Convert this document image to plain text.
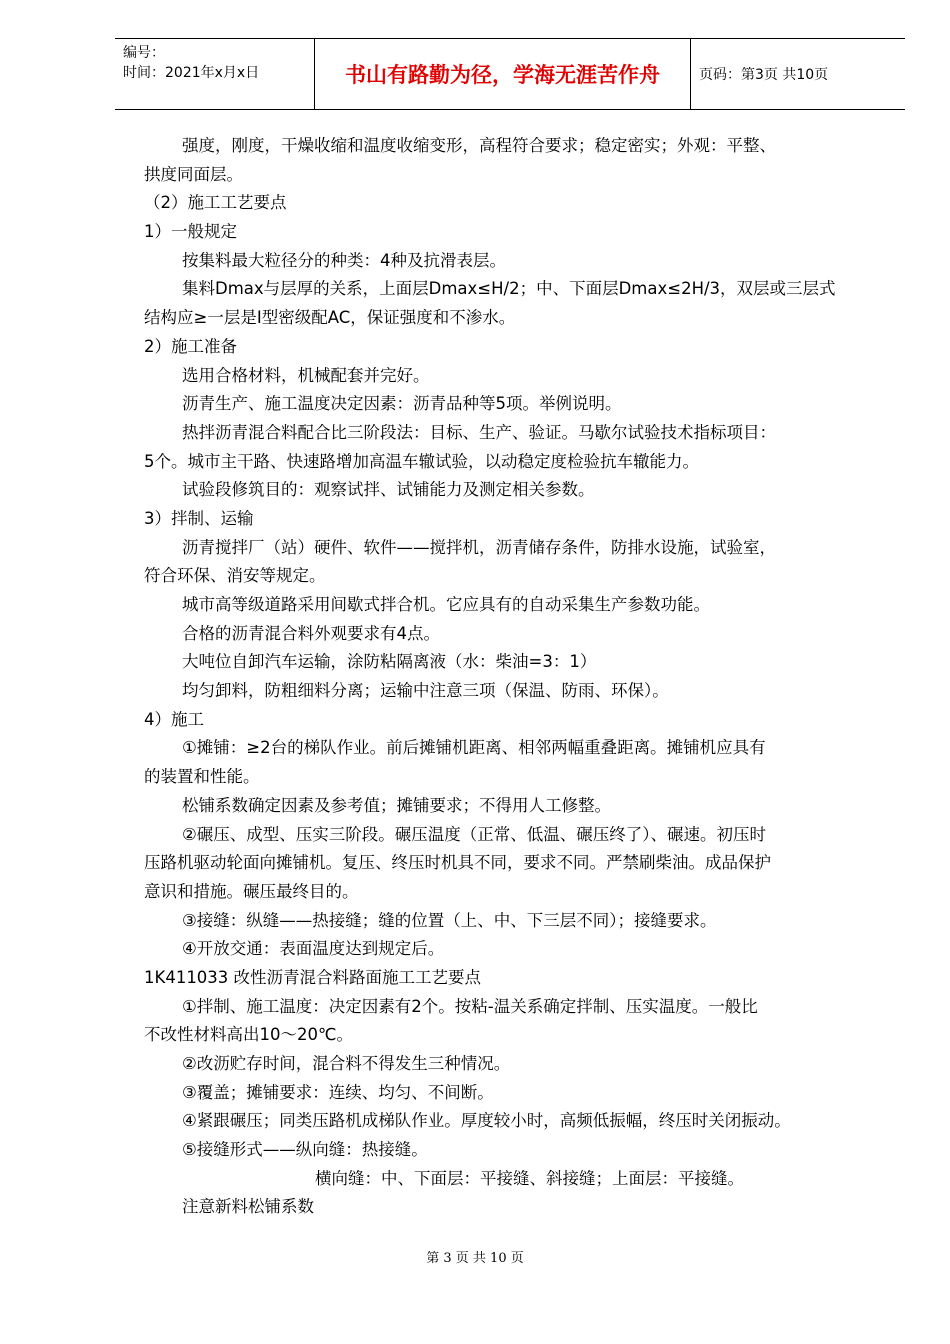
编号：
时间：2021年x月x日	书山有路勤为径，学海无涯苦作舟	页码：第3页 共10页
强度，刚度，干燥收缩和温度收缩变形，高程符合要求；稳定密实；外观：平整、
拱度同面层。
（2）施工工艺要点
1）一般规定
按集料最大粒径分的种类：4种及抗滑表层。
集料Dmax与层厚的关系，上面层Dmax≤H/2；中、下面层Dmax≤2H/3，双层或三层式
结构应≥一层是I型密级配AC，保证强度和不渗水。
2）施工准备
选用合格材料，机械配套并完好。
沥青生产、施工温度决定因素：沥青品种等5项。举例说明。
热拌沥青混合料配合比三阶段法：目标、生产、验证。马歇尔试验技术指标项目：
5个。城市主干路、快速路增加高温车辙试验，以动稳定度检验抗车辙能力。
试验段修筑目的：观察试拌、试铺能力及测定相关参数。
3）拌制、运输
沥青搅拌厂（站）硬件、软件——搅拌机，沥青储存条件，防排水设施，试验室，
符合环保、消安等规定。
城市高等级道路采用间歇式拌合机。它应具有的自动采集生产参数功能。
合格的沥青混合料外观要求有4点。
大吨位自卸汽车运输，涂防粘隔离液（水：柴油=3：1）
均匀卸料，防粗细料分离；运输中注意三项（保温、防雨、环保）。
4）施工
①摊铺：≥2台的梯队作业。前后摊铺机距离、相邻两幅重叠距离。摊铺机应具有
的装置和性能。
松铺系数确定因素及参考值；摊铺要求；不得用人工修整。
②碾压、成型、压实三阶段。碾压温度（正常、低温、碾压终了）、碾速。初压时
压路机驱动轮面向摊铺机。复压、终压时机具不同，要求不同。严禁刷柴油。成品保护
意识和措施。碾压最终目的。
③接缝：纵缝——热接缝；缝的位置（上、中、下三层不同）；接缝要求。
④开放交通：表面温度达到规定后。
1K411033 改性沥青混合料路面施工工艺要点
①拌制、施工温度：决定因素有2个。按粘-温关系确定拌制、压实温度。一般比
不改性材料高出10～20℃。
②改沥贮存时间，混合料不得发生三种情况。
③覆盖；摊铺要求：连续、均匀、不间断。
④紧跟碾压；同类压路机成梯队作业。厚度较小时，高频低振幅，终压时关闭振动。
⑤接缝形式——纵向缝：热接缝。
横向缝：中、下面层：平接缝、斜接缝；上面层：平接缝。
注意新料松铺系数
第 3 页 共 10 页
